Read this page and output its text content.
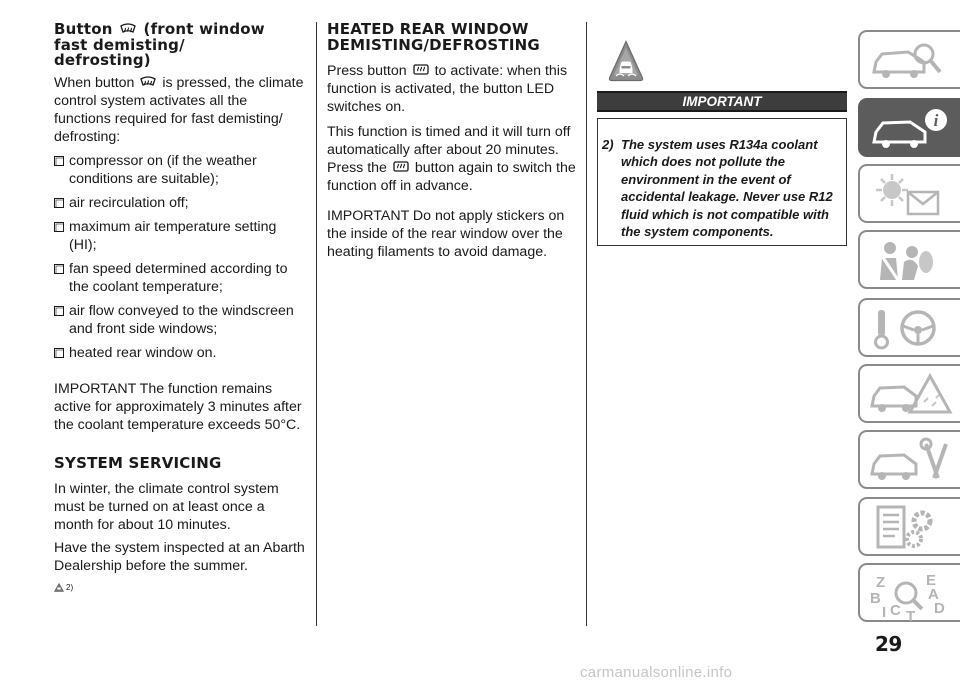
Button (front window
fast demisting/
defrosting)
When button is pressed, the climate control system activates all the functions required for fast demisting/ defrosting:
compressor on (if the weather conditions are suitable);
air recirculation off;
maximum air temperature setting (HI);
fan speed determined according to the coolant temperature;
air flow conveyed to the windscreen and front side windows;
heated rear window on.
IMPORTANT The function remains active for approximately 3 minutes after the coolant temperature exceeds 50°C.
SYSTEM SERVICING
In winter, the climate control system must be turned on at least once a month for about 10 minutes.
Have the system inspected at an Abarth Dealership before the summer.
2)
HEATED REAR WINDOW
DEMISTING/DEFROSTING
Press button to activate: when this function is activated, the button LED switches on.
This function is timed and it will turn off automatically after about 20 minutes. Press the button again to switch the function off in advance.
IMPORTANT Do not apply stickers on the inside of the rear window over the heating filaments to avoid damage.
IMPORTANT
2) The system uses R134a coolant which does not pollute the environment in the event of accidental leakage. Never use R12 fluid which is not compatible with the system components.
i
Z	E
A
B
D
I C T
29
carmanualsonline.info
